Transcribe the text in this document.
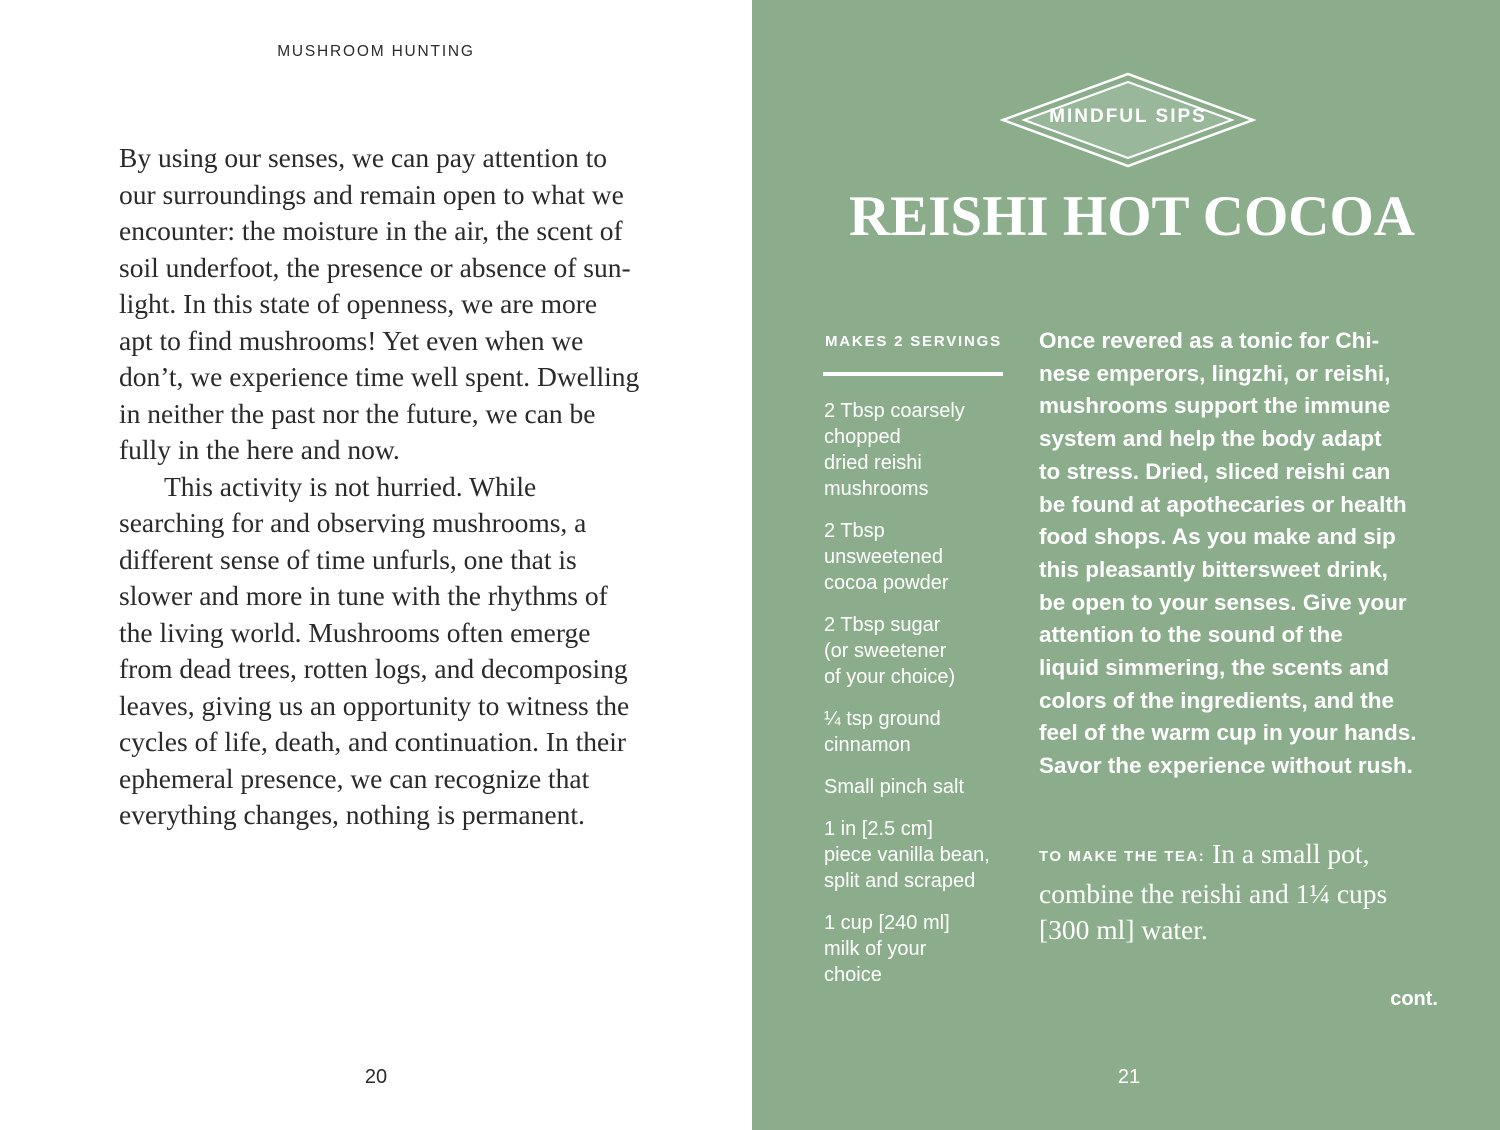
MUSHROOM HUNTING

By using our senses, we can pay attention to
our surroundings and remain open to what we
encounter: the moisture in the air, the scent of
soil underfoot, the presence or absence of sun-
light. In this state of openness, we are more
apt to find mushrooms! Yet even when we
don’t, we experience time well spent. Dwelling
in neither the past nor the future, we can be
fully in the here and now.
This activity is not hurried. While
searching for and observing mushrooms, a
different sense of time unfurls, one that is
slower and more in tune with the rhythms of
the living world. Mushrooms often emerge
from dead trees, rotten logs, and decomposing
leaves, giving us an opportunity to witness the
cycles of life, death, and continuation. In their
ephemeral presence, we can recognize that
everything changes, nothing is permanent.

20
MINDFUL SIPS
REISHI HOT COCOA
MAKES 2 SERVINGS
2 Tbsp coarsely
chopped
dried reishi
mushrooms
2 Tbsp
unsweetened
cocoa powder
2 Tbsp sugar
(or sweetener
of your choice)
¼ tsp ground
cinnamon
Small pinch salt
1 in [2.5 cm]
piece vanilla bean,
split and scraped
1 cup [240 ml]
milk of your
choice

Once revered as a tonic for Chi-
nese emperors, lingzhi, or reishi,
mushrooms support the immune
system and help the body adapt
to stress. Dried, sliced reishi can
be found at apothecaries or health
food shops. As you make and sip
this pleasantly bittersweet drink,
be open to your senses. Give your
attention to the sound of the
liquid simmering, the scents and
colors of the ingredients, and the
feel of the warm cup in your hands.
Savor the experience without rush.

TO MAKE THE TEA: In a small pot,
combine the reishi and 1¼ cups
[300 ml] water.

cont.
21
